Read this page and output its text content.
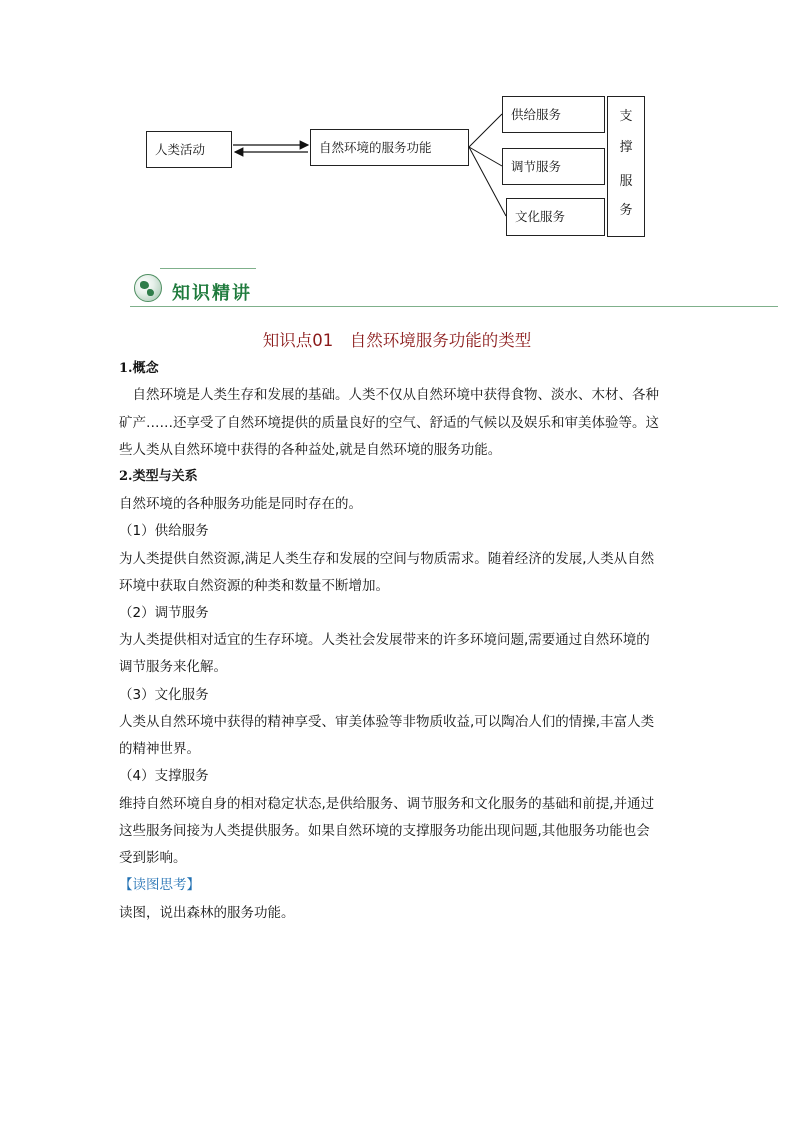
人类活动	自然环境的服务功能
供给服务
调节服务
文化服务
支
撑
服
务
知识精讲
知识点01　自然环境服务功能的类型
1.概念
　自然环境是人类生存和发展的基础。人类不仅从自然环境中获得食物、淡水、木材、各种
矿产……还享受了自然环境提供的质量良好的空气、舒适的气候以及娱乐和审美体验等。这
些人类从自然环境中获得的各种益处,就是自然环境的服务功能。
2.类型与关系
自然环境的各种服务功能是同时存在的。
（1）供给服务
为人类提供自然资源,满足人类生存和发展的空间与物质需求。随着经济的发展,人类从自然
环境中获取自然资源的种类和数量不断增加。
（2）调节服务
为人类提供相对适宜的生存环境。人类社会发展带来的许多环境问题,需要通过自然环境的
调节服务来化解。
（3）文化服务
人类从自然环境中获得的精神享受、审美体验等非物质收益,可以陶冶人们的情操,丰富人类
的精神世界。
（4）支撑服务
维持自然环境自身的相对稳定状态,是供给服务、调节服务和文化服务的基础和前提,并通过
这些服务间接为人类提供服务。如果自然环境的支撑服务功能出现问题,其他服务功能也会
受到影响。
【读图思考】
读图，说出森林的服务功能。
